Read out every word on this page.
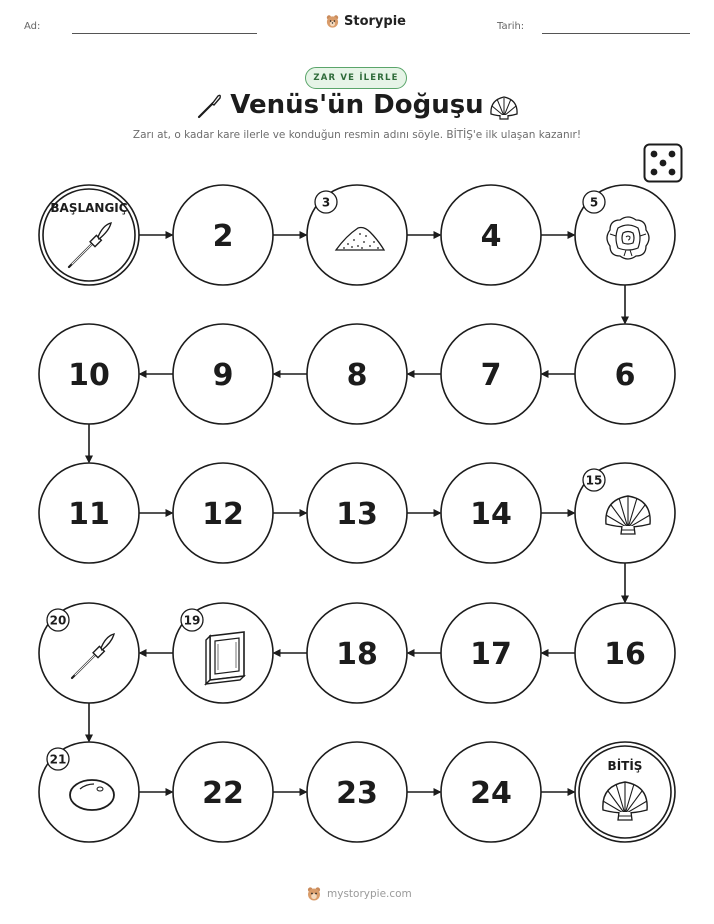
Ad:	Storypie	Tarih:
ZAR VE İLERLE
Venüs'ün Doğuşu
Zarı at, o kadar kare ilerle ve konduğun resmin adını söyle. BİTİŞ'e ilk ulaşan kazanır!
BAŞLANGIÇ
2
3
4
5
6
7
8
9
10
11	12	13	14
15
16
17
18
19
20
21
22	23	24
BİTİŞ
mystorypie.com
